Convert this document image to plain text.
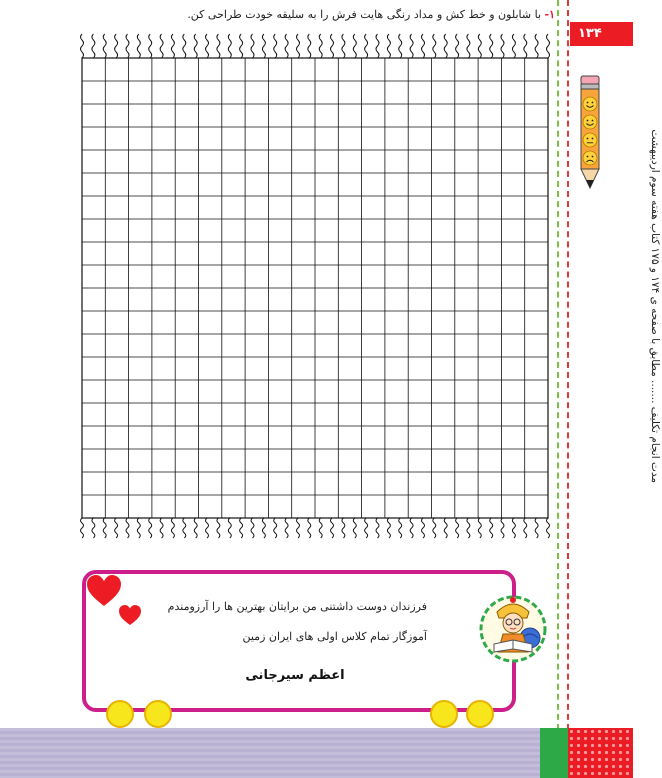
۱- با شابلون و خط کش و مداد رنگی هایت فرش را به سلیقه خودت طراحی کن.
۱۳۴
مدت انجام تکلیف ....... مطابق با صفحه ی ۱۷۴ و ۱۷۵ کتاب هفته سوم اردیبهشت
فرزندان دوست داشتنی من برایتان بهترین ها را آرزومندم
آموزگار تمام کلاس اولی های ایران زمین
اعظم سیرجانی
